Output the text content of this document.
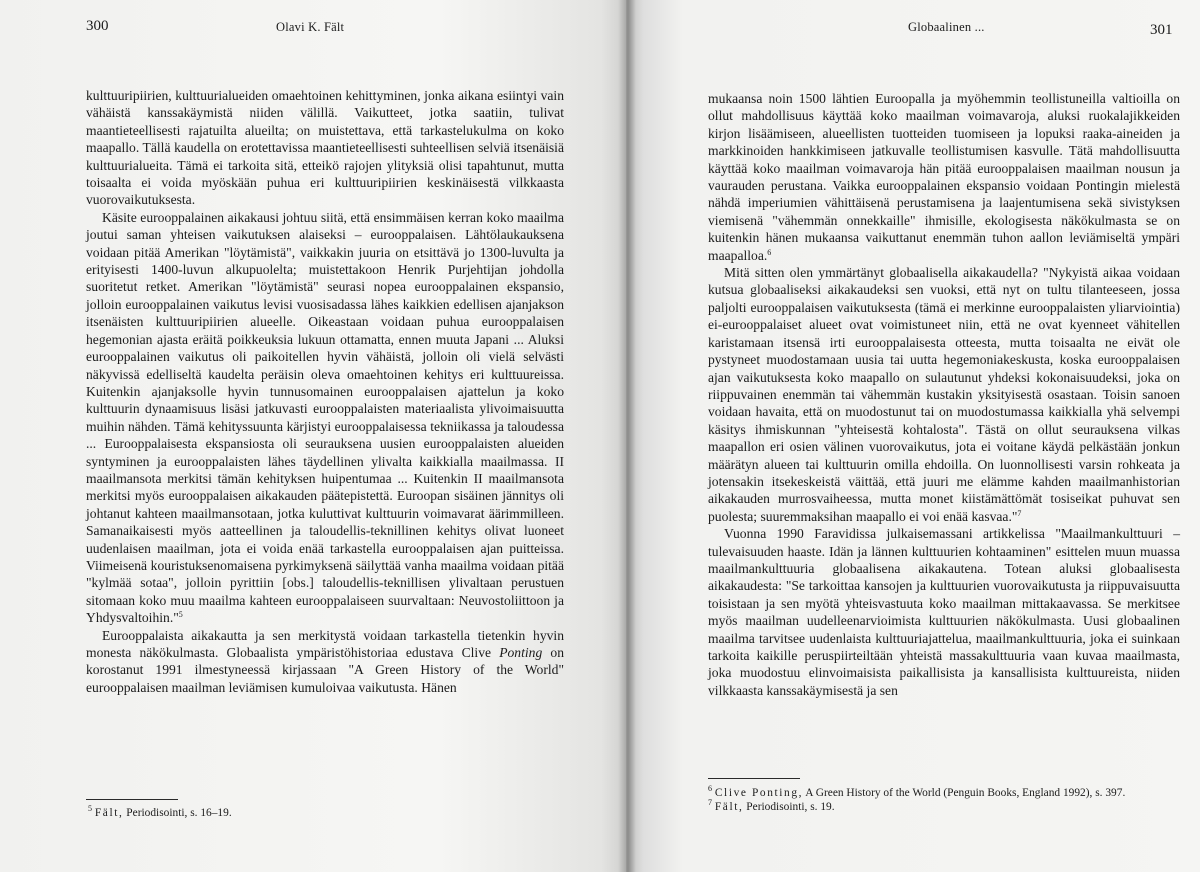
300	Olavi K. Fält

kulttuuripiirien, kulttuurialueiden omaehtoinen kehittyminen, jonka aikana esiintyi vain vähäistä kanssakäymistä niiden välillä. Vaikutteet, jotka saatiin, tulivat maantieteellisesti rajatuilta alueilta; on muistettava, että tarkastelukulma on koko maapallo. Tällä kaudella on erotettavissa maantieteellisesti suhteellisen selviä itsenäisiä kulttuurialueita. Tämä ei tarkoita sitä, etteikö rajojen ylityksiä olisi tapahtunut, mutta toisaalta ei voida myöskään puhua eri kulttuuripiirien keskinäisestä vilkkaasta vuorovaikutuksesta.

Käsite eurooppalainen aikakausi johtuu siitä, että ensimmäisen kerran koko maailma joutui saman yhteisen vaikutuksen alaiseksi – eurooppalaisen. Lähtölaukauksena voidaan pitää Amerikan "löytämistä", vaikkakin juuria on etsittävä jo 1300-luvulta ja erityisesti 1400-luvun alkupuolelta; muistettakoon Henrik Purjehtijan johdolla suoritetut retket. Amerikan "löytämistä" seurasi nopea eurooppalainen ekspansio, jolloin eurooppalainen vaikutus levisi vuosisadassa lähes kaikkien edellisen ajanjakson itsenäisten kulttuuripiirien alueelle. Oikeastaan voidaan puhua eurooppalaisen hegemonian ajasta eräitä poikkeuksia lukuun ottamatta, ennen muuta Japani ... Aluksi eurooppalainen vaikutus oli paikoitellen hyvin vähäistä, jolloin oli vielä selvästi näkyvissä edelliseltä kaudelta peräisin oleva omaehtoinen kehitys eri kulttuureissa. Kuitenkin ajanjaksolle hyvin tunnusomainen eurooppalaisen ajattelun ja koko kulttuurin dynaamisuus lisäsi jatkuvasti eurooppalaisten materiaalista ylivoimaisuutta muihin nähden. Tämä kehityssuunta kärjistyi eurooppalaisessa tekniikassa ja taloudessa ... Eurooppalaisesta ekspansiosta oli seurauksena uusien eurooppalaisten alueiden syntyminen ja eurooppalaisten lähes täydellinen ylivalta kaikkialla maailmassa. II maailmansota merkitsi tämän kehityksen huipentumaa ... Kuitenkin II maailmansota merkitsi myös eurooppalaisen aikakauden päätepistettä. Euroopan sisäinen jännitys oli johtanut kahteen maailmansotaan, jotka kuluttivat kulttuurin voimavarat äärimmilleen. Samanaikaisesti myös aatteellinen ja taloudellis-teknillinen kehitys olivat luoneet uudenlaisen maailman, jota ei voida enää tarkastella eurooppalaisen ajan puitteissa. Viimeisenä kouristuksenomaisena pyrkimyksenä säilyttää vanha maailma voidaan pitää "kylmää sotaa", jolloin pyrittiin [obs.] taloudellis-teknillisen ylivaltaan perustuen sitomaan koko muu maailma kahteen eurooppalaiseen suurvaltaan: Neuvostoliittoon ja Yhdysvaltoihin."$^5$

Eurooppalaista aikakautta ja sen merkitystä voidaan tarkastella tietenkin hyvin monesta näkökulmasta. Globaalista ympäristöhistoriaa edustava Clive Ponting on korostanut 1991 ilmestyneessä kirjassaan "A Green History of the World" eurooppalaisen maailman leviämisen kumuloivaa vaikutusta. Hänen

$^5$ Fält, Periodisointi, s. 16–19.
Globaalinen ...	301

mukaansa noin 1500 lähtien Euroopalla ja myöhemmin teollistuneilla valtioilla on ollut mahdollisuus käyttää koko maailman voimavaroja, aluksi ruokalajikkeiden kirjon lisäämiseen, alueellisten tuotteiden tuomiseen ja lopuksi raaka-aineiden ja markkinoiden hankkimiseen jatkuvalle teollistumisen kasvulle. Tätä mahdollisuutta käyttää koko maailman voimavaroja hän pitää eurooppalaisen maailman nousun ja vaurauden perustana. Vaikka eurooppalainen ekspansio voidaan Pontingin mielestä nähdä imperiumien vähittäisenä perustamisena ja laajentumisena sekä sivistyksen viemisenä "vähemmän onnekkaille" ihmisille, ekologisesta näkökulmasta se on kuitenkin hänen mukaansa vaikuttanut enemmän tuhon aallon leviämiseltä ympäri maapalloa.$^6$

Mitä sitten olen ymmärtänyt globaalisella aikakaudella? "Nykyistä aikaa voidaan kutsua globaaliseksi aikakaudeksi sen vuoksi, että nyt on tultu tilanteeseen, jossa paljolti eurooppalaisen vaikutuksesta (tämä ei merkinne eurooppalaisten yliarviointia) ei-eurooppalaiset alueet ovat voimistuneet niin, että ne ovat kyenneet vähitellen karistamaan itsensä irti eurooppalaisesta otteesta, mutta toisaalta ne eivät ole pystyneet muodostamaan uusia tai uutta hegemoniakeskusta, koska eurooppalaisen ajan vaikutuksesta koko maapallo on sulautunut yhdeksi kokonaisuudeksi, joka on riippuvainen enemmän tai vähemmän kustakin yksityisestä osastaan. Toisin sanoen voidaan havaita, että on muodostunut tai on muodostumassa kaikkialla yhä selvempi käsitys ihmiskunnan "yhteisestä kohtalosta". Tästä on ollut seurauksena vilkas maapallon eri osien välinen vuorovaikutus, jota ei voitane käydä pelkästään jonkun määrätyn alueen tai kulttuurin omilla ehdoilla. On luonnollisesti varsin rohkeata ja jotensakin itsekeskeistä väittää, että juuri me elämme kahden maailmanhistorian aikakauden murrosvaiheessa, mutta monet kiistämättömät tosiseikat puhuvat sen puolesta; suuremmaksihan maapallo ei voi enää kasvaa."$^7$

Vuonna 1990 Faravidissa julkaisemassani artikkelissa "Maailmankulttuuri – tulevaisuuden haaste. Idän ja lännen kulttuurien kohtaaminen" esittelen muun muassa maailmankulttuuria globaalisena aikakautena. Totean aluksi globaalisesta aikakaudesta: "Se tarkoittaa kansojen ja kulttuurien vuorovaikutusta ja riippuvaisuutta toisistaan ja sen myötä yhteisvastuuta koko maailman mittakaavassa. Se merkitsee myös maailman uudelleenarvioimista kulttuurien näkökulmasta. Uusi globaalinen maailma tarvitsee uudenlaista kulttuuriajattelua, maailmankulttuuria, joka ei suinkaan tarkoita kaikille peruspiirteiltään yhteistä massakulttuuria vaan kuvaa maailmasta, joka muodostuu elinvoimaisista paikallisista ja kansallisista kulttuureista, niiden vilkkaasta kanssakäymisestä ja sen

$^6$ Clive Ponting, A Green History of the World (Penguin Books, England 1992), s. 397.
$^7$ Fält, Periodisointi, s. 19.
